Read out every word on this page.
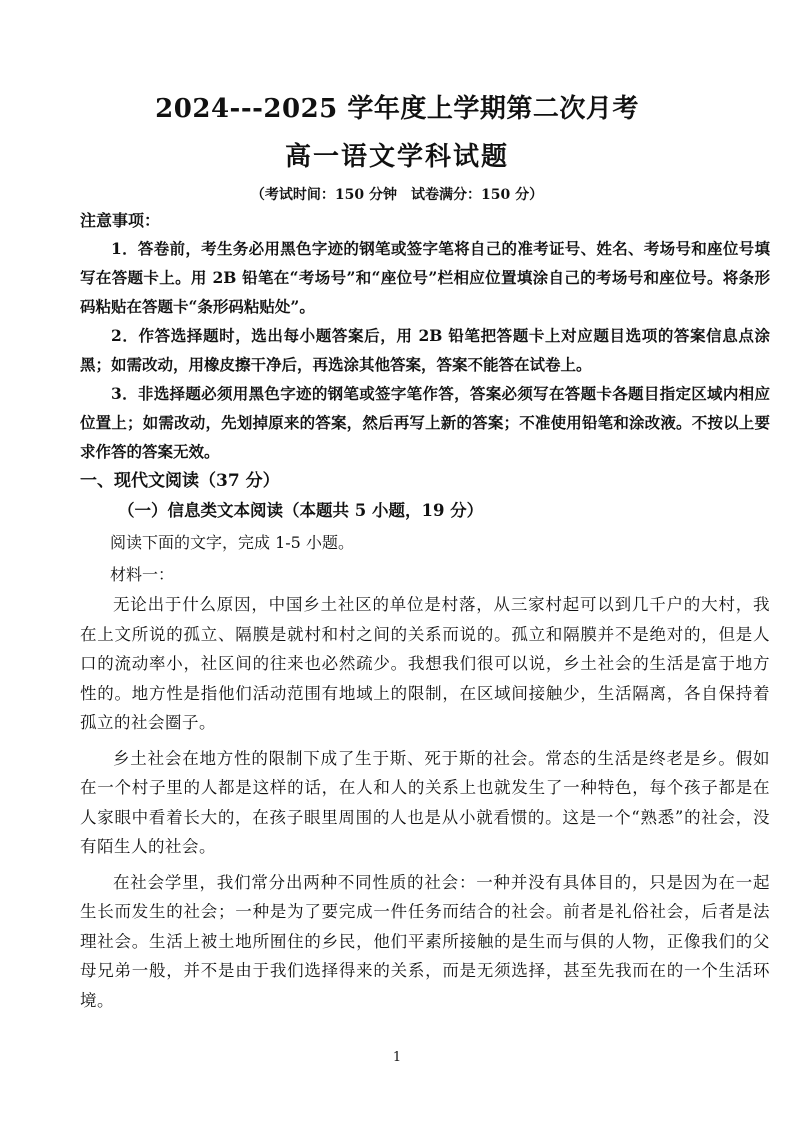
2024---2025 学年度上学期第二次月考
高一语文学科试题
（考试时间：150 分钟　试卷满分：150 分）
注意事项：

1．答卷前，考生务必用黑色字迹的钢笔或签字笔将自己的准考证号、姓名、考场号和座位号填写在答题卡上。用 2B 铅笔在“考场号”和“座位号”栏相应位置填涂自己的考场号和座位号。将条形码粘贴在答题卡“条形码粘贴处”。

2．作答选择题时，选出每小题答案后，用 2B 铅笔把答题卡上对应题目选项的答案信息点涂黑；如需改动，用橡皮擦干净后，再选涂其他答案，答案不能答在试卷上。

3．非选择题必须用黑色字迹的钢笔或签字笔作答，答案必须写在答题卡各题目指定区域内相应位置上；如需改动，先划掉原来的答案，然后再写上新的答案；不准使用铅笔和涂改液。不按以上要求作答的答案无效。

一、现代文阅读（37 分）
（一）信息类文本阅读（本题共 5 小题，19 分）
阅读下面的文字，完成 1-5 小题。
材料一：

无论出于什么原因，中国乡土社区的单位是村落，从三家村起可以到几千户的大村，我在上文所说的孤立、隔膜是就村和村之间的关系而说的。孤立和隔膜并不是绝对的，但是人口的流动率小，社区间的往来也必然疏少。我想我们很可以说，乡土社会的生活是富于地方性的。地方性是指他们活动范围有地域上的限制，在区域间接触少，生活隔离，各自保持着孤立的社会圈子。

乡土社会在地方性的限制下成了生于斯、死于斯的社会。常态的生活是终老是乡。假如在一个村子里的人都是这样的话，在人和人的关系上也就发生了一种特色，每个孩子都是在人家眼中看着长大的，在孩子眼里周围的人也是从小就看惯的。这是一个“熟悉”的社会，没有陌生人的社会。

在社会学里，我们常分出两种不同性质的社会：一种并没有具体目的，只是因为在一起生长而发生的社会；一种是为了要完成一件任务而结合的社会。前者是礼俗社会，后者是法理社会。生活上被土地所囿住的乡民，他们平素所接触的是生而与俱的人物，正像我们的父母兄弟一般，并不是由于我们选择得来的关系，而是无须选择，甚至先我而在的一个生活环境。

1
